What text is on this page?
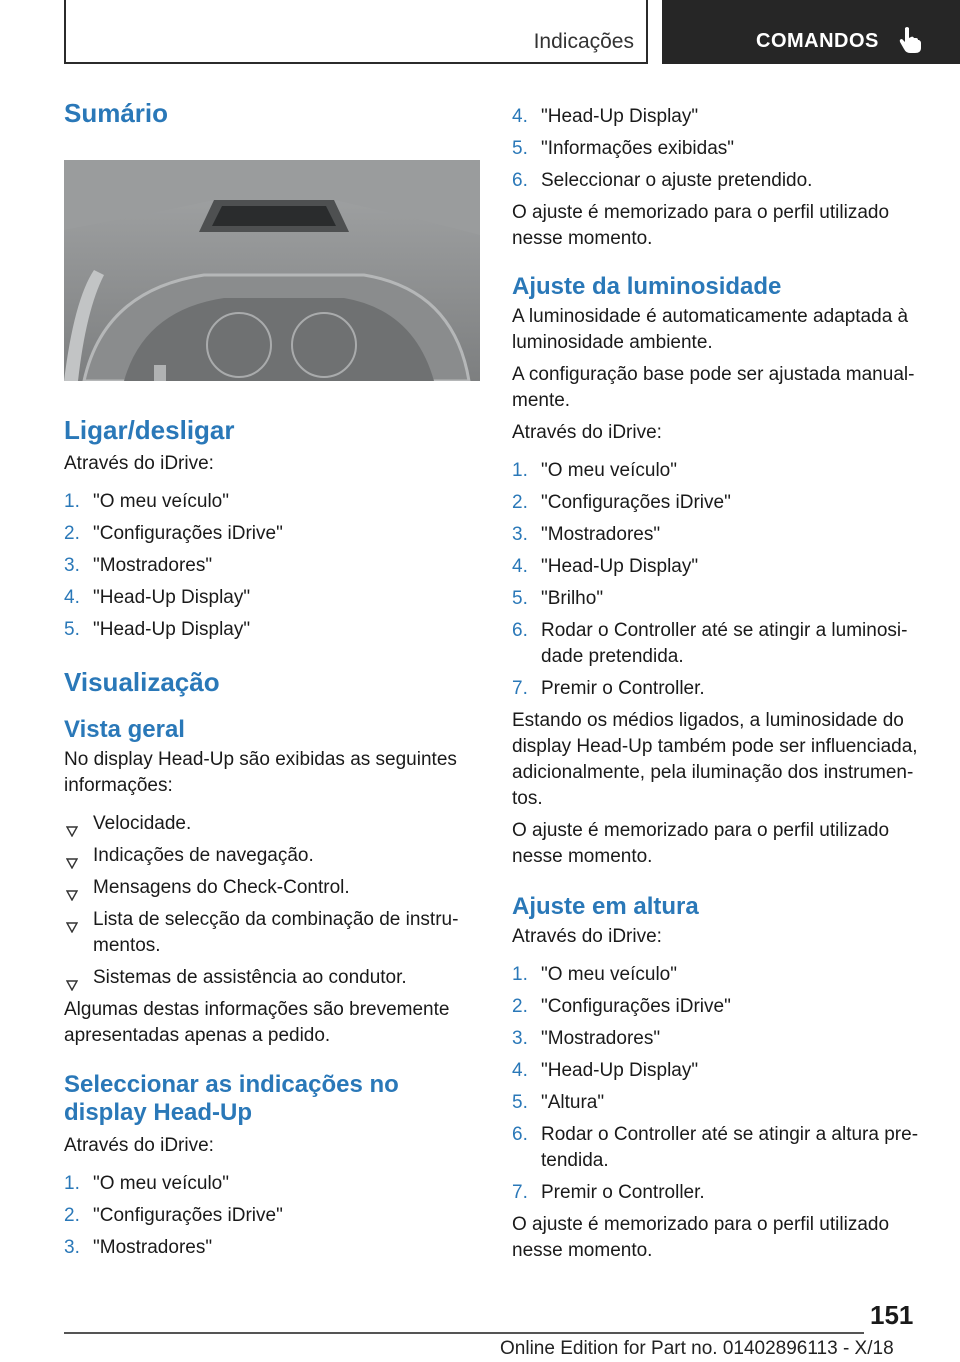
Indicações	COMANDOS
Sumário
Ligar/desligar

Através do iDrive:

1. "O meu veículo"
2. "Configurações iDrive"
3. "Mostradores"
4. "Head-Up Display"
5. "Head-Up Display"
Visualização
Vista geral

No display Head-Up são exibidas as seguintes informações:

Velocidade.
Indicações de navegação.
Mensagens do Check-Control.
Lista de selecção da combinação de instru-mentos.
Sistemas de assistência ao condutor.

Algumas destas informações são brevemente apresentadas apenas a pedido.

Seleccionar as indicações no display Head-Up

Através do iDrive:

1. "O meu veículo"
2. "Configurações iDrive"
3. "Mostradores"
4. "Head-Up Display"
5. "Informações exibidas"
6. Seleccionar o ajuste pretendido.

O ajuste é memorizado para o perfil utilizado nesse momento.

Ajuste da luminosidade

A luminosidade é automaticamente adaptada à luminosidade ambiente.

A configuração base pode ser ajustada manual-mente.

Através do iDrive:

1. "O meu veículo"
2. "Configurações iDrive"
3. "Mostradores"
4. "Head-Up Display"
5. "Brilho"
6. Rodar o Controller até se atingir a luminosi-dade pretendida.
7. Premir o Controller.

Estando os médios ligados, a luminosidade do display Head-Up também pode ser influenciada, adicionalmente, pela iluminação dos instrumen-tos.

O ajuste é memorizado para o perfil utilizado nesse momento.

Ajuste em altura

Através do iDrive:

1. "O meu veículo"
2. "Configurações iDrive"
3. "Mostradores"
4. "Head-Up Display"
5. "Altura"
6. Rodar o Controller até se atingir a altura pre-tendida.
7. Premir o Controller.

O ajuste é memorizado para o perfil utilizado nesse momento.

151
Online Edition for Part no. 01402896113 - X/18
